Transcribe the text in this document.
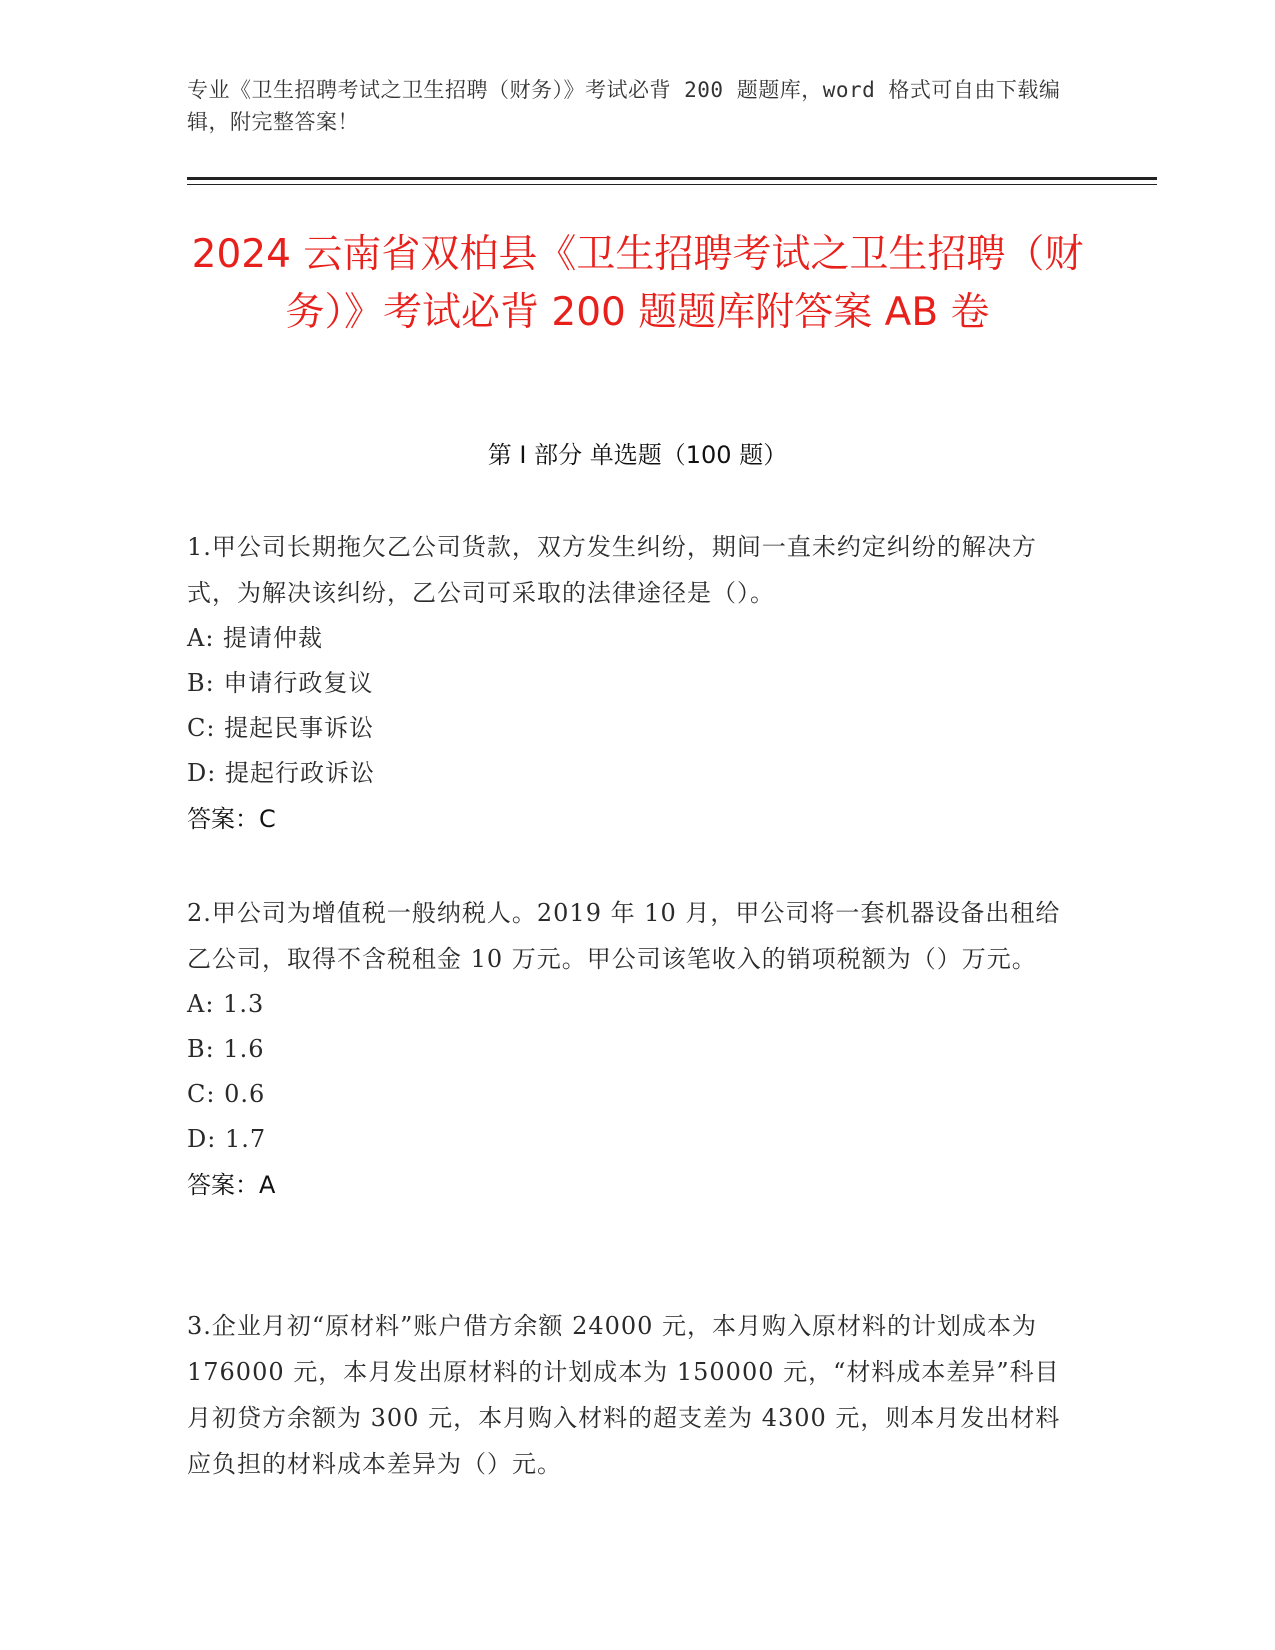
专业《卫生招聘考试之卫生招聘（财务）》考试必背 200 题题库，word 格式可自由下载编辑，附完整答案！
2024 云南省双柏县《卫生招聘考试之卫生招聘（财务）》考试必背 200 题题库附答案 AB 卷
第 I 部分 单选题（100 题）
1.甲公司长期拖欠乙公司货款，双方发生纠纷，期间一直未约定纠纷的解决方式，为解决该纠纷，乙公司可采取的法律途径是（）。
A: 提请仲裁
B: 申请行政复议
C: 提起民事诉讼
D: 提起行政诉讼
答案：C
2.甲公司为增值税一般纳税人。2019 年 10 月，甲公司将一套机器设备出租给乙公司，取得不含税租金 10 万元。甲公司该笔收入的销项税额为（）万元。
A: 1.3
B: 1.6
C: 0.6
D: 1.7
答案：A
3.企业月初“原材料”账户借方余额 24000 元，本月购入原材料的计划成本为 176000 元，本月发出原材料的计划成本为 150000 元，“材料成本差异”科目月初贷方余额为 300 元，本月购入材料的超支差为 4300 元，则本月发出材料应负担的材料成本差异为（）元。
